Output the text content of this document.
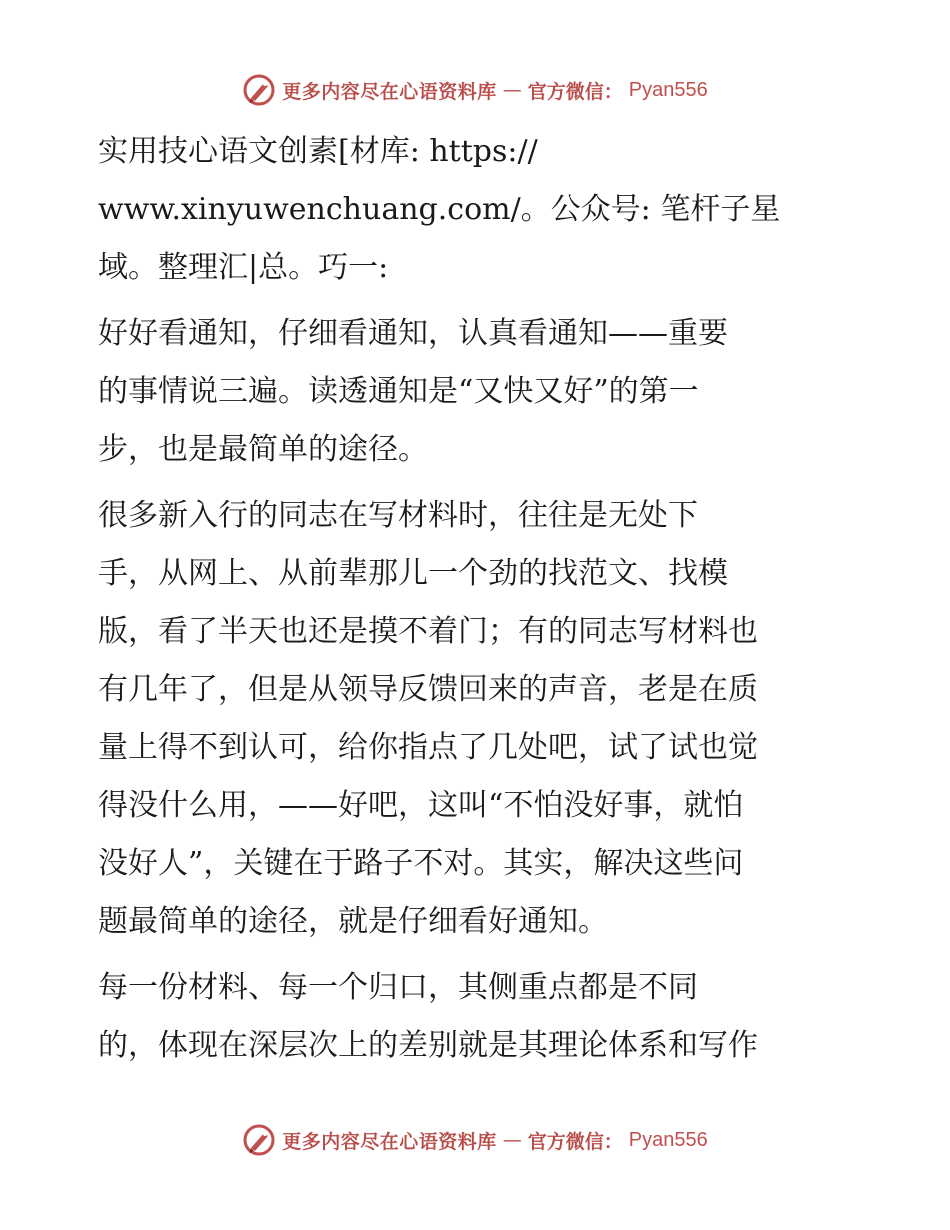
更多内容尽在心语资料库 — 官方微信： Pyan556
实用技心语文创素[材库: https://
www.xinyuwenchuang.com/。公众号: 笔杆子星
域。整理汇|总。巧一:
好好看通知，仔细看通知，认真看通知——重要
的事情说三遍。读透通知是“又快又好”的第一
步，也是最简单的途径。
很多新入行的同志在写材料时，往往是无处下
手，从网上、从前辈那儿一个劲的找范文、找模
版，看了半天也还是摸不着门；有的同志写材料也
有几年了，但是从领导反馈回来的声音，老是在质
量上得不到认可，给你指点了几处吧，试了试也觉
得没什么用，——好吧，这叫“不怕没好事，就怕
没好人”，关键在于路子不对。其实，解决这些问
题最简单的途径，就是仔细看好通知。
每一份材料、每一个归口，其侧重点都是不同
的，体现在深层次上的差别就是其理论体系和写作
更多内容尽在心语资料库 — 官方微信： Pyan556
